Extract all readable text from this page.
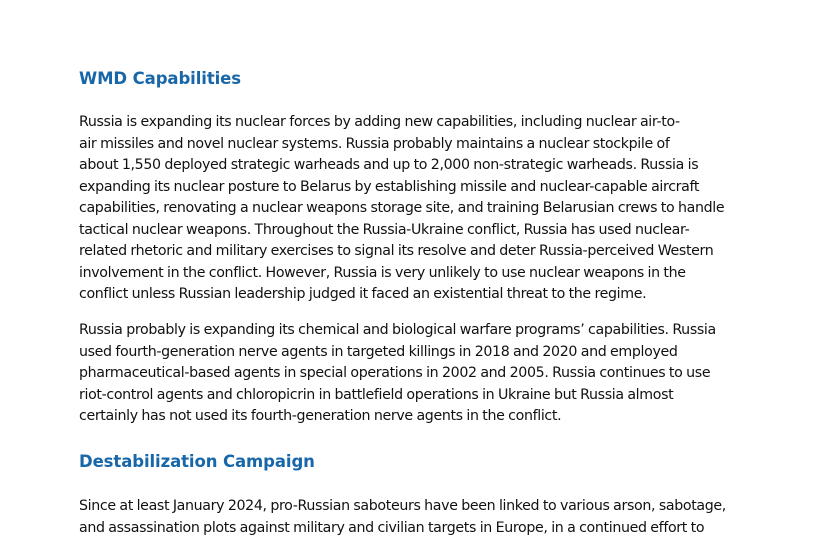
WMD Capabilities

Russia is expanding its nuclear forces by adding new capabilities, including nuclear air-to-
air missiles and novel nuclear systems. Russia probably maintains a nuclear stockpile of
about 1,550 deployed strategic warheads and up to 2,000 non-strategic warheads. Russia is
expanding its nuclear posture to Belarus by establishing missile and nuclear-capable aircraft
capabilities, renovating a nuclear weapons storage site, and training Belarusian crews to handle
tactical nuclear weapons. Throughout the Russia-Ukraine conflict, Russia has used nuclear-
related rhetoric and military exercises to signal its resolve and deter Russia-perceived Western
involvement in the conflict. However, Russia is very unlikely to use nuclear weapons in the
conflict unless Russian leadership judged it faced an existential threat to the regime.

Russia probably is expanding its chemical and biological warfare programs’ capabilities. Russia
used fourth-generation nerve agents in targeted killings in 2018 and 2020 and employed
pharmaceutical-based agents in special operations in 2002 and 2005. Russia continues to use
riot-control agents and chloropicrin in battlefield operations in Ukraine but Russia almost
certainly has not used its fourth-generation nerve agents in the conflict.

Destabilization Campaign

Since at least January 2024, pro-Russian saboteurs have been linked to various arson, sabotage,
and assassination plots against military and civilian targets in Europe, in a continued effort to
